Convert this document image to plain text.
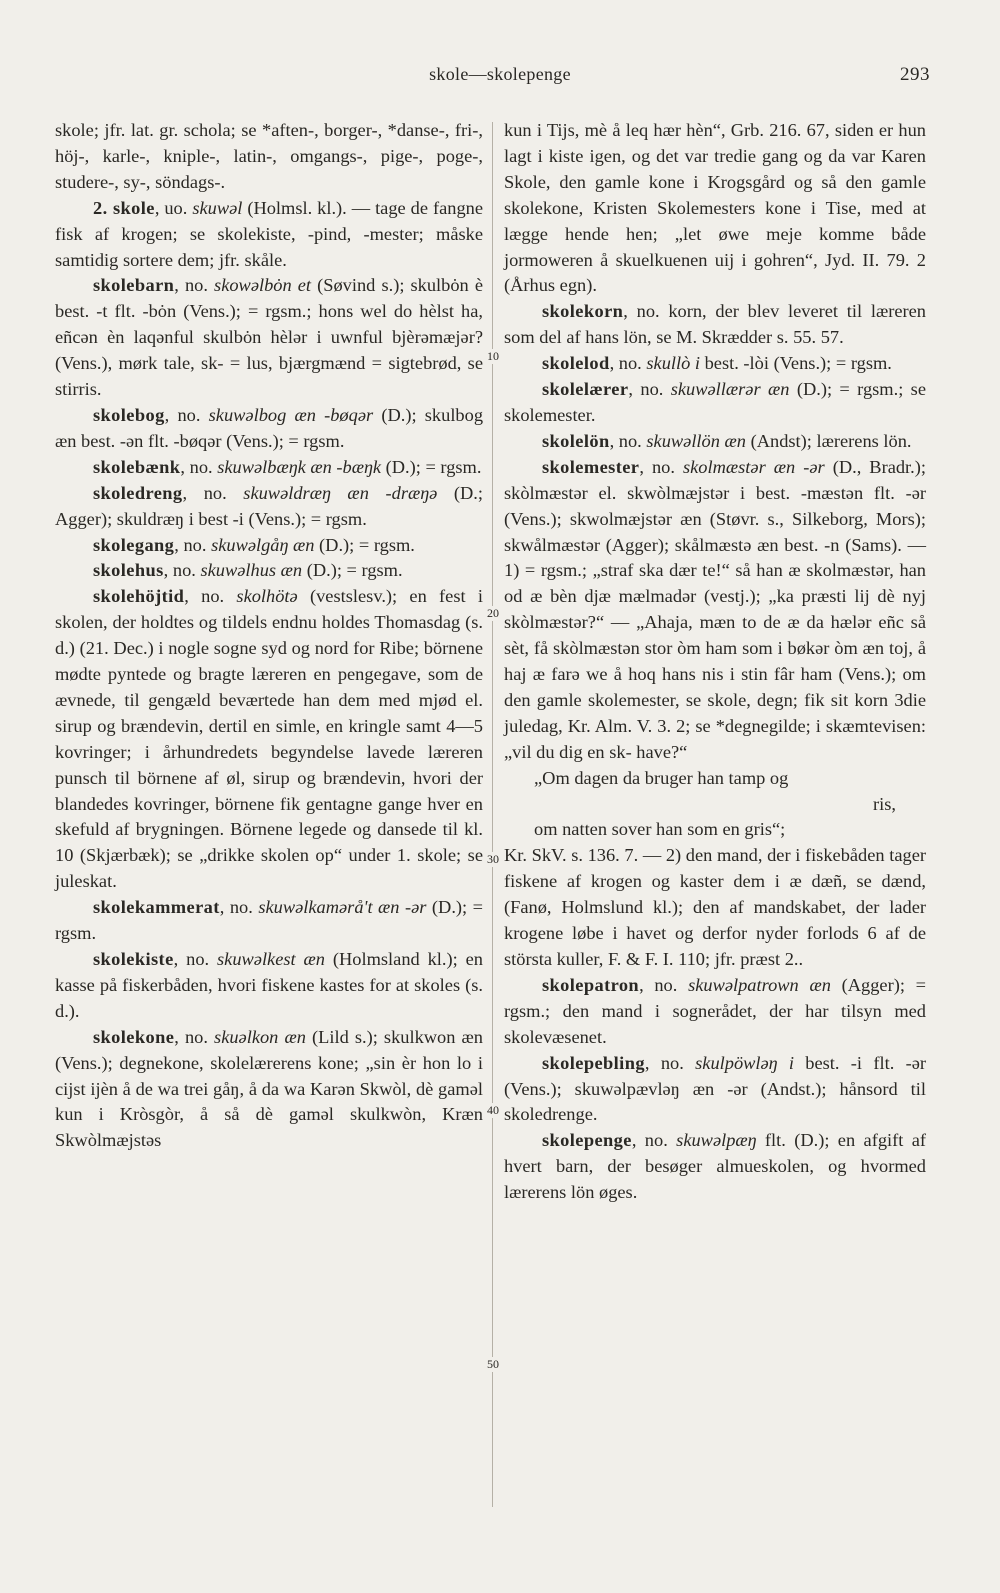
skole—skolepenge	293
10
20
30
40
50

skole; jfr. lat. gr. schola; se *aften-, borger-, *danse-, fri-, höj-, karle-, kniple-, latin-, omgangs-, pige-, poge-, studere-, sy-, söndags-.

2. skole, uo. skuwəl (Holmsl. kl.). — tage de fangne fisk af krogen; se skolekiste, -pind, -mester; måske samtidig sortere dem; jfr. skåle.

skolebarn, no. skowəlbȯn et (Søvind s.); skulbȯn è best. -t flt. -bȯn (Vens.); = rgsm.; hons wel do hèlst ha, eñcən èn laqənful skulbȯn hèlər i uwnful bjèrəmæjər? (Vens.), mørk tale, sk- = lus, bjærgmænd = sigtebrød, se stirris.

skolebog, no. skuwəlbog æn -bøqər (D.); skulbog æn best. -ən flt. -bøqər (Vens.); = rgsm.

skolebænk, no. skuwəlbæŋk æn -bæŋk (D.); = rgsm.

skoledreng, no. skuwəldræŋ æn -dræŋə (D.; Agger); skuldræŋ i best -i (Vens.); = rgsm.

skolegang, no. skuwəlgåŋ æn (D.); = rgsm.

skolehus, no. skuwəlhus æn (D.); = rgsm.

skolehöjtid, no. skolhötə (vestslesv.); en fest i skolen, der holdtes og tildels endnu holdes Thomasdag (s. d.) (21. Dec.) i nogle sogne syd og nord for Ribe; börnene mødte pyntede og bragte læreren en pengegave, som de ævnede, til gengæld beværtede han dem med mjød el. sirup og brændevin, dertil en simle, en kringle samt 4—5 kovringer; i århundredets begyndelse lavede læreren punsch til börnene af øl, sirup og brændevin, hvori der blandedes kovringer, börnene fik gentagne gange hver en skefuld af brygningen. Börnene legede og dansede til kl. 10 (Skjærbæk); se „drikke skolen op“ under 1. skole; se juleskat.

skolekammerat, no. skuwəlkamərå't æn -ər (D.); = rgsm.

skolekiste, no. skuwəlkest æn (Holmsland kl.); en kasse på fiskerbåden, hvori fiskene kastes for at skoles (s. d.).

skolekone, no. skuəlkon æn (Lild s.); skulkwon æn (Vens.); degnekone, skolelærerens kone; „sin èr hon lo i cijst ijèn å de wa trei gåŋ, å da wa Karən Skwòl, dè gaməl kun i Kròsgòr, å så dè gaməl skulkwòn, Kræn Skwòlmæjstəs

kun i Tijs, mè å leq hær hèn“, Grb. 216. 67, siden er hun lagt i kiste igen, og det var tredie gang og da var Karen Skole, den gamle kone i Krogsgård og så den gamle skolekone, Kristen Skolemesters kone i Tise, med at lægge hende hen; „let øwe meje komme både jormoweren å skuelkuenen uij i gohren“, Jyd. II. 79. 2 (Århus egn).

skolekorn, no. korn, der blev leveret til læreren som del af hans lön, se M. Skrædder s. 55. 57.

skolelod, no. skullò i best. -lòi (Vens.); = rgsm.

skolelærer, no. skuwəllærər æn (D.); = rgsm.; se skolemester.

skolelön, no. skuwəllön æn (Andst); lærerens lön.

skolemester, no. skolmæstər æn -ər (D., Bradr.); skòlmæstər el. skwòlmæjstər i best. -mæstən flt. -ər (Vens.); skwolmæjstər æn (Støvr. s., Silkeborg, Mors); skwålmæstər (Agger); skålmæstə æn best. -n (Sams). — 1) = rgsm.; „straf ska dær te!“ så han æ skolmæstər, han od æ bèn djæ mælmadər (vestj.); „ka præsti lij dè nyj skòlmæstər?“ — „Ahaja, mæn to de æ da hælər eñc så sèt, få skòlmæstən stor òm ham som i bøkər òm æn toj, å haj æ farə we å hoq hans nis i stin fâr ham (Vens.); om den gamle skolemester, se skole, degn; fik sit korn 3die juledag, Kr. Alm. V. 3. 2; se *degnegilde; i skæmtevisen: „vil du dig en sk- have?“

„Om dagen da bruger han tamp og

ris,

om natten sover han som en gris“;

Kr. SkV. s. 136. 7. — 2) den mand, der i fiskebåden tager fiskene af krogen og kaster dem i æ dæñ, se dænd, (Fanø, Holmslund kl.); den af mandskabet, der lader krogene løbe i havet og derfor nyder forlods 6 af de största kuller, F. & F. I. 110; jfr. præst 2..

skolepatron, no. skuwəlpatrown æn (Agger); = rgsm.; den mand i sognerådet, der har tilsyn med skolevæsenet.

skolepebling, no. skulpöwləŋ i best. -i flt. -ər (Vens.); skuwəlpævləŋ æn -ər (Andst.); hånsord til skoledrenge.

skolepenge, no. skuwəlpæŋ flt. (D.); en afgift af hvert barn, der besøger almueskolen, og hvormed lærerens lön øges.
